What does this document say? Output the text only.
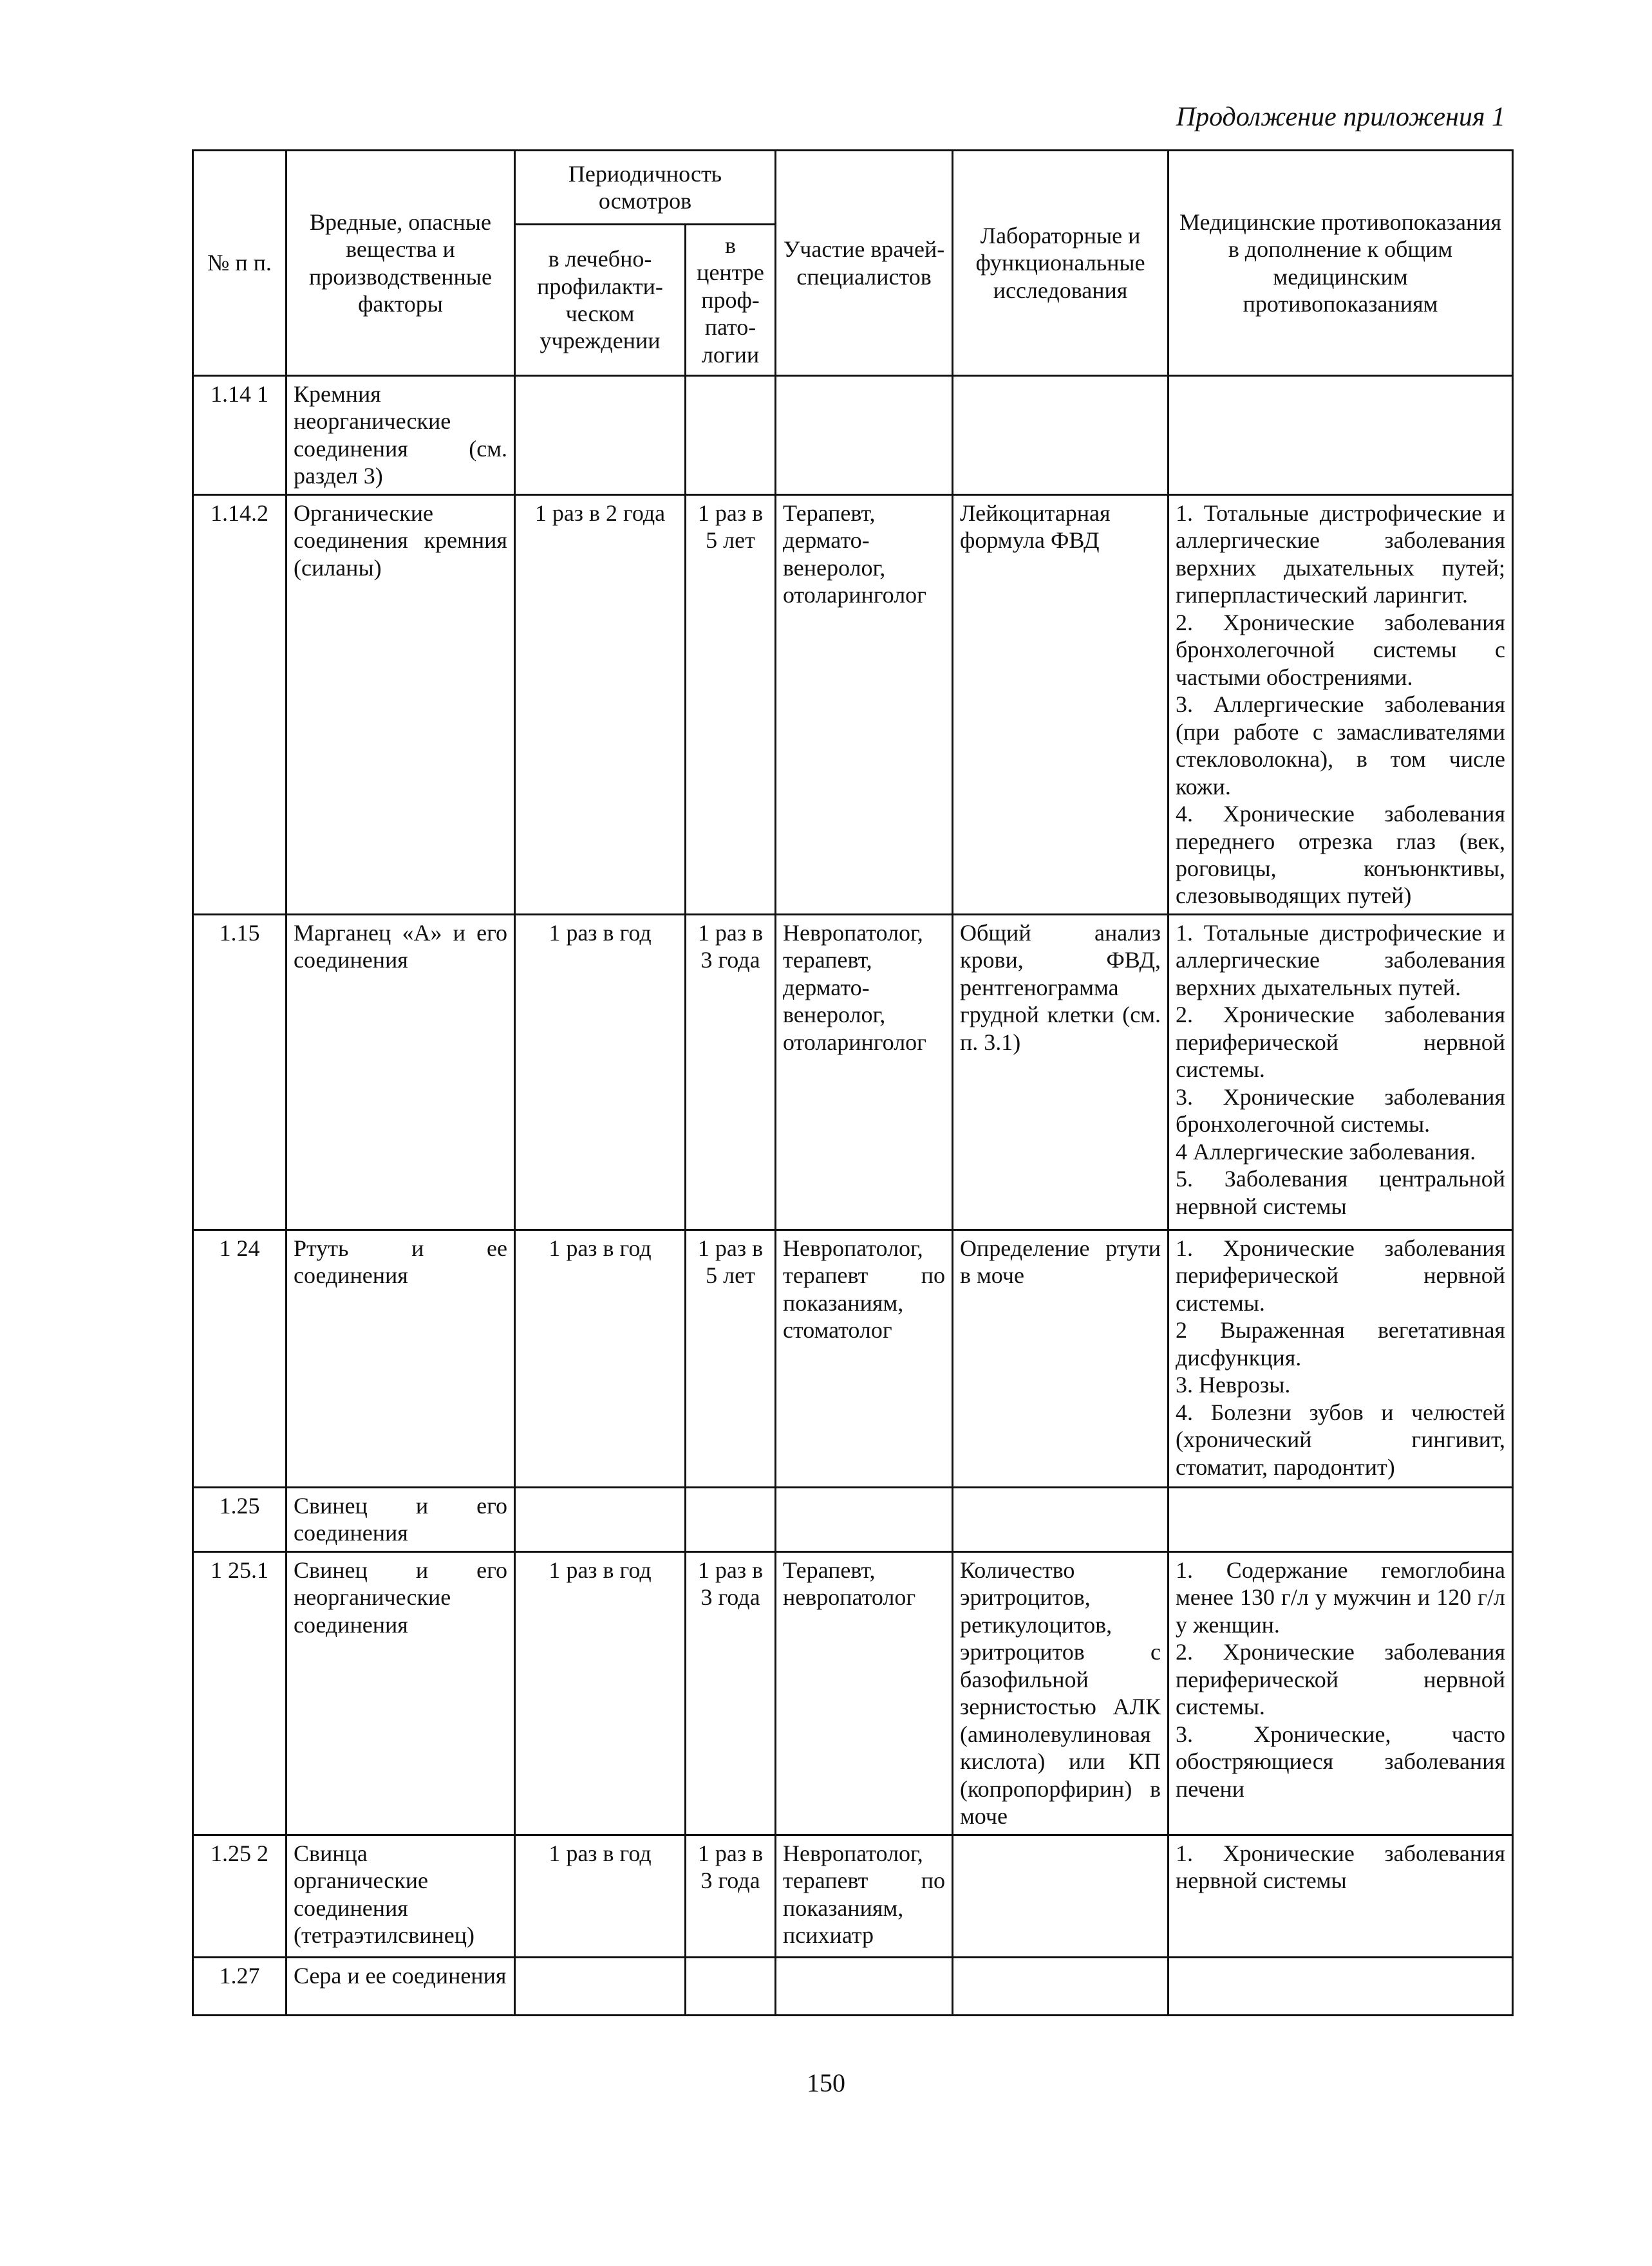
Продолжение приложения 1
№ п п.	Вредные, опасные вещества и производственные факторы	Периодичность осмотров		Участие врачей-специалистов	Лабораторные и функциональные исследования	Медицинские противопоказания в дополнение к общим медицинским противопоказаниям
		в лечебно-профилакти-ческом учреждении	в центре проф-пато-логии			
1.14 1	Кремния неорганические соединения (см. раздел 3)					
1.14.2	Органические соединения кремния (силаны)	1 раз в 2 года	1 раз в 5 лет	Терапевт, дермато-венеролог, отоларинголог	Лейкоцитарная формула ФВД	1. Тотальные дистрофические и аллергические заболевания верхних дыхательных путей; гиперпластический ларингит.
2. Хронические заболевания бронхолегочной системы с частыми обострениями.
3. Аллергические заболевания (при работе с замасливателями стекловолокна), в том числе кожи.
4. Хронические заболевания переднего отрезка глаз (век, роговицы, конъюнктивы, слезовыводящих путей)

1.15	Марганец «А» и его соединения	1 раз в год	1 раз в 3 года	Невропатолог, терапевт, дермато-венеролог, отоларинголог	Общий анализ крови, ФВД, рентгенограмма грудной клетки (см. п. 3.1)	1. Тотальные дистрофические и аллергические заболевания верхних дыхательных путей.
2. Хронические заболевания периферической нервной системы.
3. Хронические заболевания бронхолегочной системы.
4 Аллергические заболевания.
5. Заболевания центральной нервной системы

1 24	Ртуть и ее соединения	1 раз в год	1 раз в 5 лет	Невропатолог, терапевт по показаниям, стоматолог	Определение ртути в моче	1. Хронические заболевания периферической нервной системы.
2 Выраженная вегетативная дисфункция.
3. Неврозы.
4. Болезни зубов и челюстей (хронический гингивит, стоматит, пародонтит)

1.25	Свинец и его соединения					
1 25.1	Свинец и его неорганические соединения	1 раз в год	1 раз в 3 года	Терапевт, невропатолог	Количество эритроцитов, ретикулоцитов, эритроцитов с базофильной зернистостью АЛК (аминолевулиновая кислота) или КП (копропорфирин) в моче	1. Содержание гемоглобина менее 130 г/л у мужчин и 120 г/л у женщин.
2. Хронические заболевания периферической нервной системы.
3. Хронические, часто обостряющиеся заболевания печени

1.25 2	Свинца органические соединения (тетраэтилсвинец)	1 раз в год	1 раз в 3 года	Невропатолог, терапевт по показаниям, психиатр		1. Хронические заболевания нервной системы

1.27	Сера и ее соединения					
150
